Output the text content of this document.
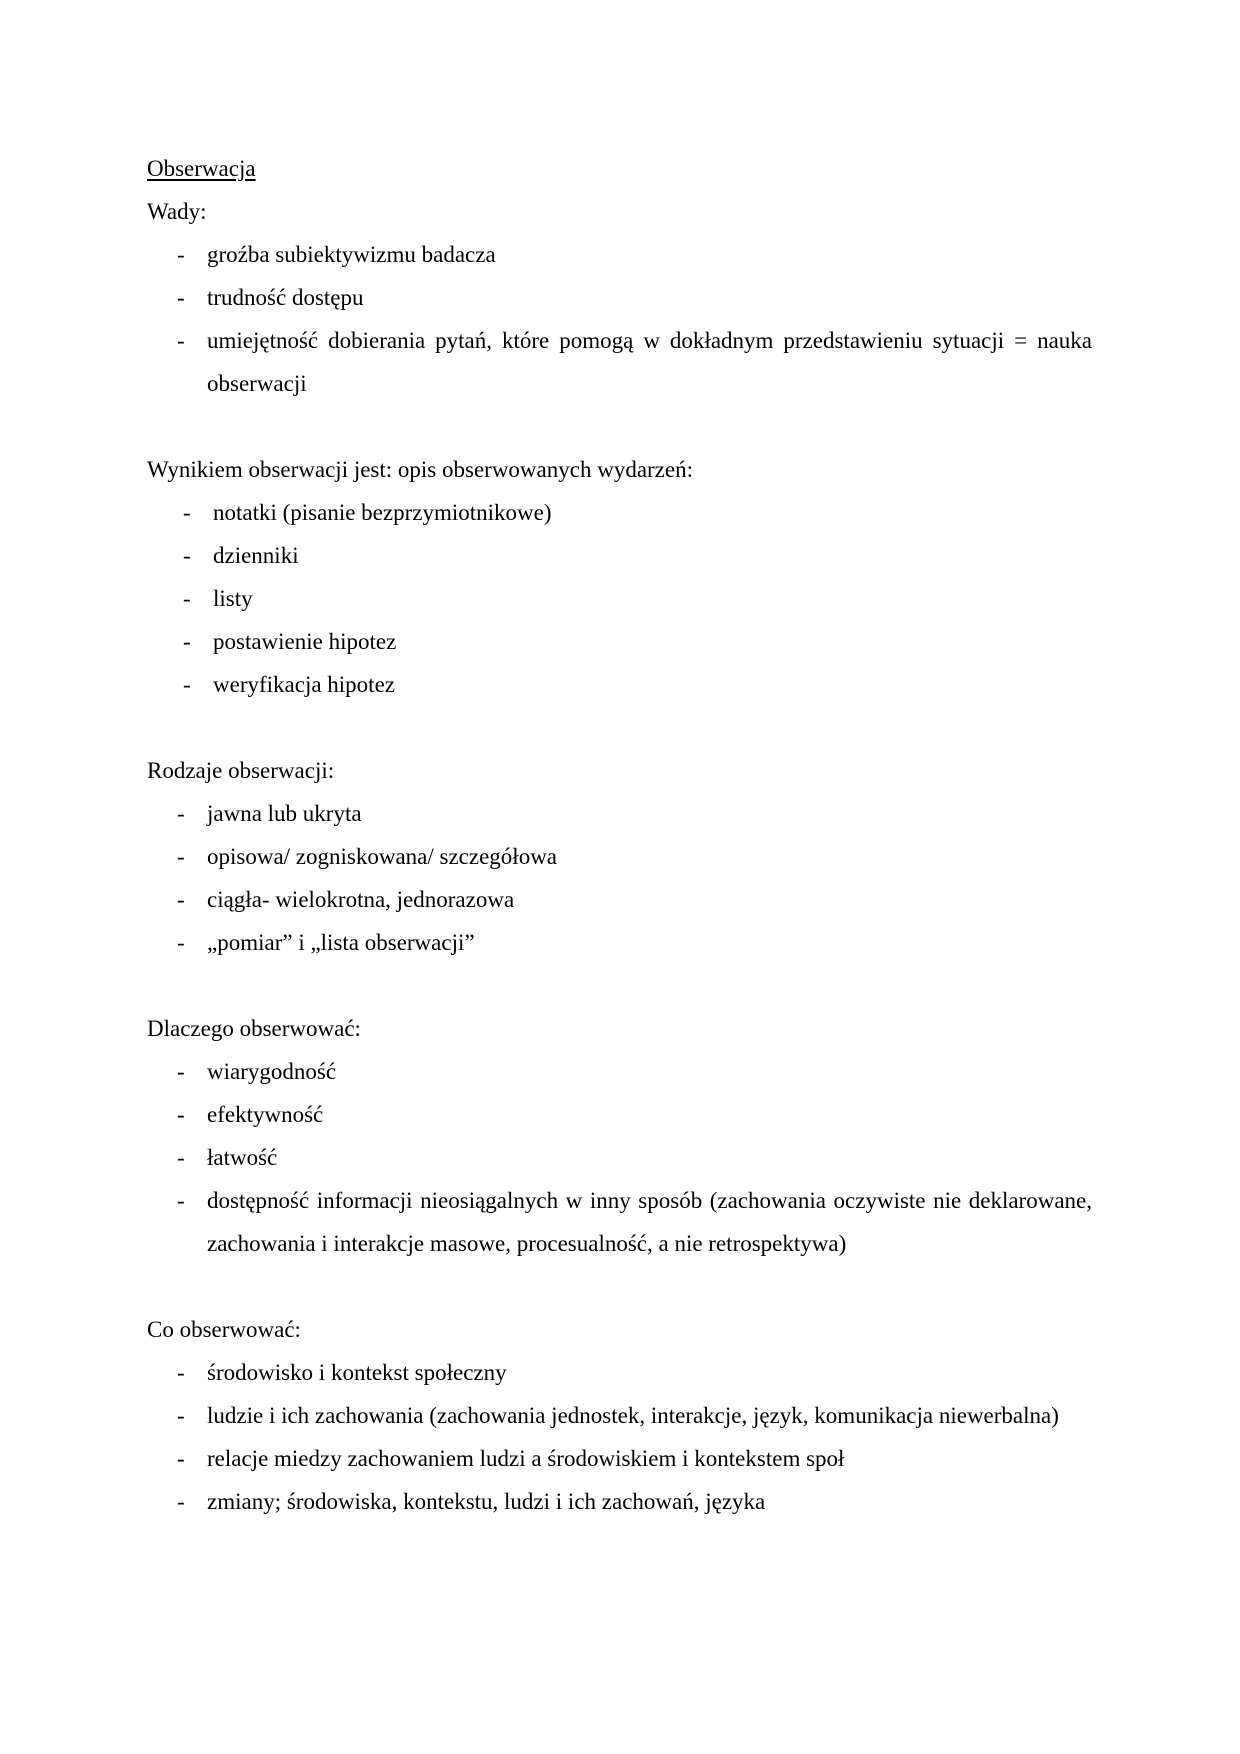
Obserwacja
Wady:
- groźba subiektywizmu badacza
- trudność dostępu
- umiejętność dobierania pytań, które pomogą w dokładnym przedstawieniu sytuacji = nauka obserwacji
Wynikiem obserwacji jest: opis obserwowanych wydarzeń:
- notatki (pisanie bezprzymiotnikowe)
- dzienniki
- listy
- postawienie hipotez
- weryfikacja hipotez
Rodzaje obserwacji:
- jawna lub ukryta
- opisowa/ zogniskowana/ szczegółowa
- ciągła- wielokrotna, jednorazowa
- „pomiar” i „lista obserwacji”
Dlaczego obserwować:
- wiarygodność
- efektywność
- łatwość
- dostępność informacji nieosiągalnych w inny sposób (zachowania oczywiste nie deklarowane, zachowania i interakcje masowe, procesualność, a nie retrospektywa)
Co obserwować:
- środowisko i kontekst społeczny
- ludzie i ich zachowania (zachowania jednostek, interakcje, język, komunikacja niewerbalna)
- relacje miedzy zachowaniem ludzi a środowiskiem i kontekstem społ
- zmiany; środowiska, kontekstu, ludzi i ich zachowań, języka
